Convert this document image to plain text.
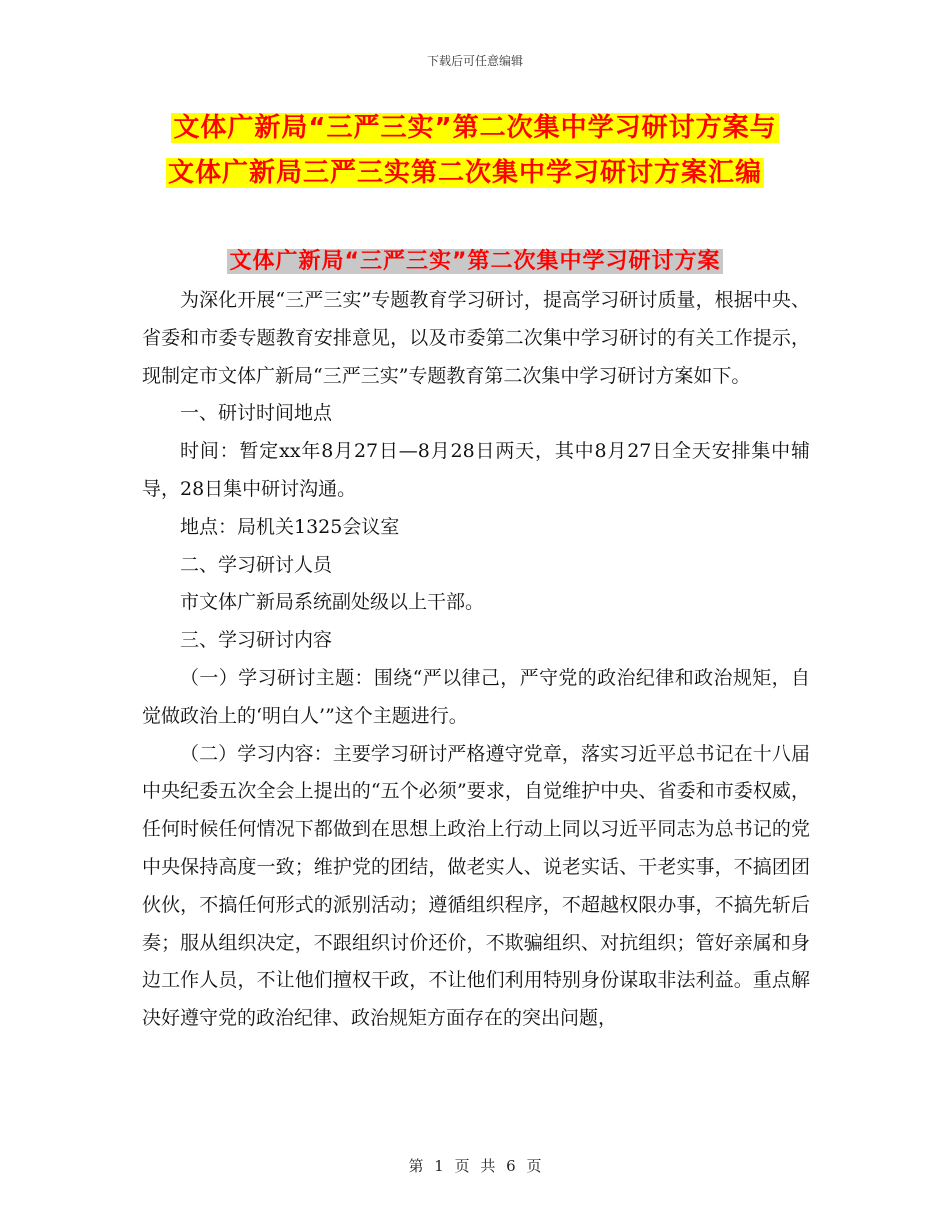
下载后可任意编辑
文体广新局“三严三实”第二次集中学习研讨方案与
文体广新局三严三实第二次集中学习研讨方案汇编
文体广新局“三严三实”第二次集中学习研讨方案

为深化开展“三严三实”专题教育学习研讨，提高学习研讨质量，根据中央、省委和市委专题教育安排意见，以及市委第二次集中学习研讨的有关工作提示，现制定市文体广新局“三严三实”专题教育第二次集中学习研讨方案如下。

一、研讨时间地点

时间：暂定xx年8月27日—8月28日两天，其中8月27日全天安排集中辅导，28日集中研讨沟通。

地点：局机关1325会议室

二、学习研讨人员

市文体广新局系统副处级以上干部。

三、学习研讨内容

（一）学习研讨主题：围绕“严以律己，严守党的政治纪律和政治规矩，自觉做政治上的‘明白人’”这个主题进行。

（二）学习内容：主要学习研讨严格遵守党章，落实习近平总书记在十八届中央纪委五次全会上提出的“五个必须”要求，自觉维护中央、省委和市委权威，任何时候任何情况下都做到在思想上政治上行动上同以习近平同志为总书记的党中央保持高度一致；维护党的团结，做老实人、说老实话、干老实事，不搞团团伙伙，不搞任何形式的派别活动；遵循组织程序，不超越权限办事，不搞先斩后奏；服从组织决定，不跟组织讨价还价，不欺骗组织、对抗组织；管好亲属和身边工作人员，不让他们擅权干政，不让他们利用特别身份谋取非法利益。重点解决好遵守党的政治纪律、政治规矩方面存在的突出问题，

第 1 页 共 6 页
